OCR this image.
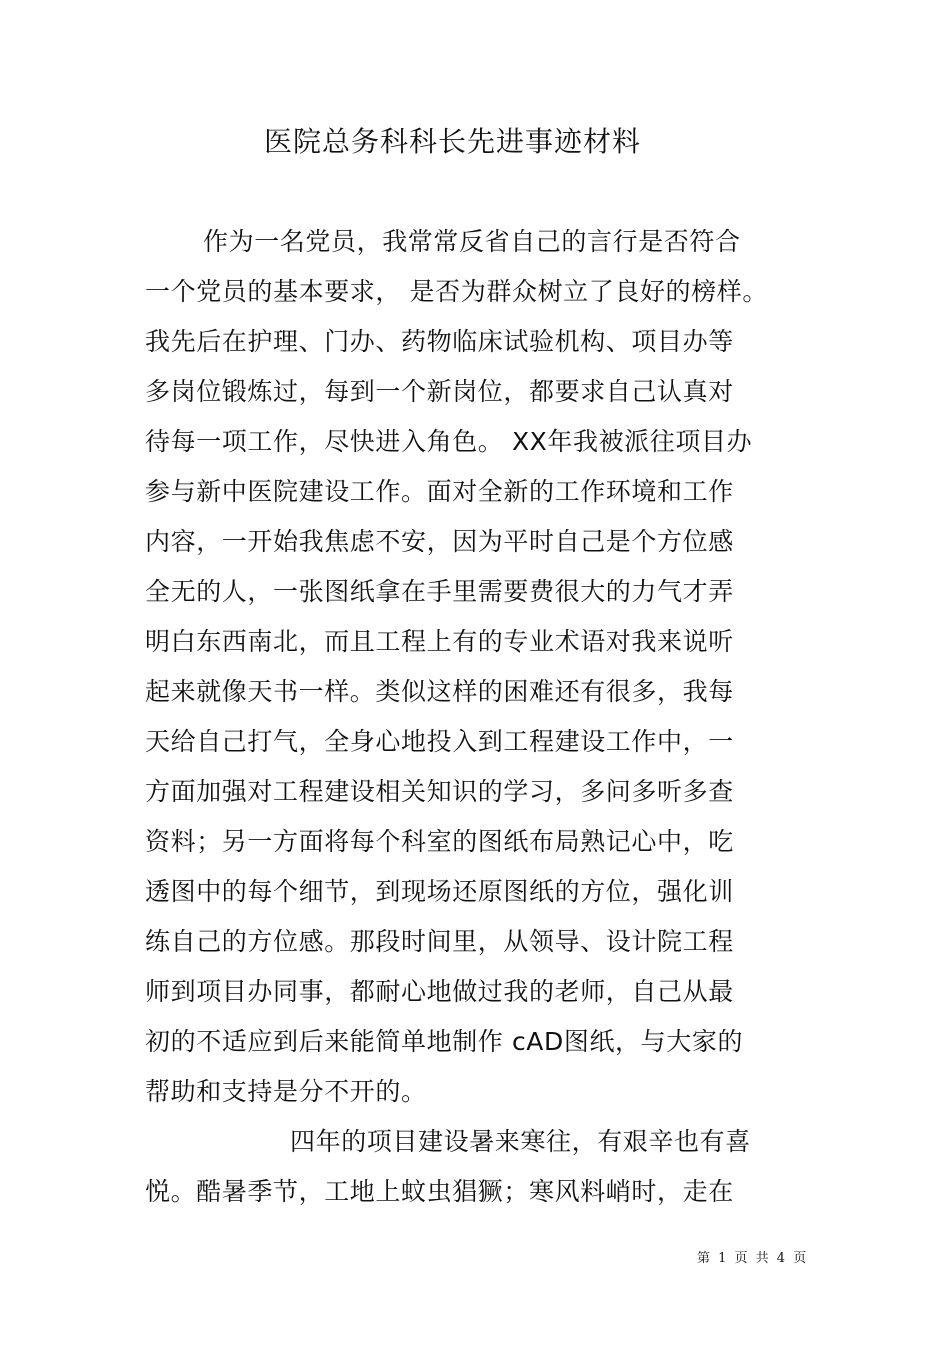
医院总务科科长先进事迹材料
作为一名党员，我常常反省自己的言行是否符合
一个党员的基本要求， 是否为群众树立了良好的榜样。
我先后在护理、门办、药物临床试验机构、项目办等
多岗位锻炼过，每到一个新岗位，都要求自己认真对
待每一项工作，尽快进入角色。 XX年我被派往项目办
参与新中医院建设工作。面对全新的工作环境和工作
内容，一开始我焦虑不安，因为平时自己是个方位感
全无的人，一张图纸拿在手里需要费很大的力气才弄
明白东西南北，而且工程上有的专业术语对我来说听
起来就像天书一样。类似这样的困难还有很多，我每
天给自己打气，全身心地投入到工程建设工作中，一
方面加强对工程建设相关知识的学习，多问多听多查
资料；另一方面将每个科室的图纸布局熟记心中，吃
透图中的每个细节，到现场还原图纸的方位，强化训
练自己的方位感。那段时间里，从领导、设计院工程
师到项目办同事，都耐心地做过我的老师，自己从最
初的不适应到后来能简单地制作 cAD图纸，与大家的
帮助和支持是分不开的。
四年的项目建设暑来寒往，有艰辛也有喜
悦。酷暑季节，工地上蚊虫猖獗；寒风料峭时，走在
第 1 页 共 4 页
